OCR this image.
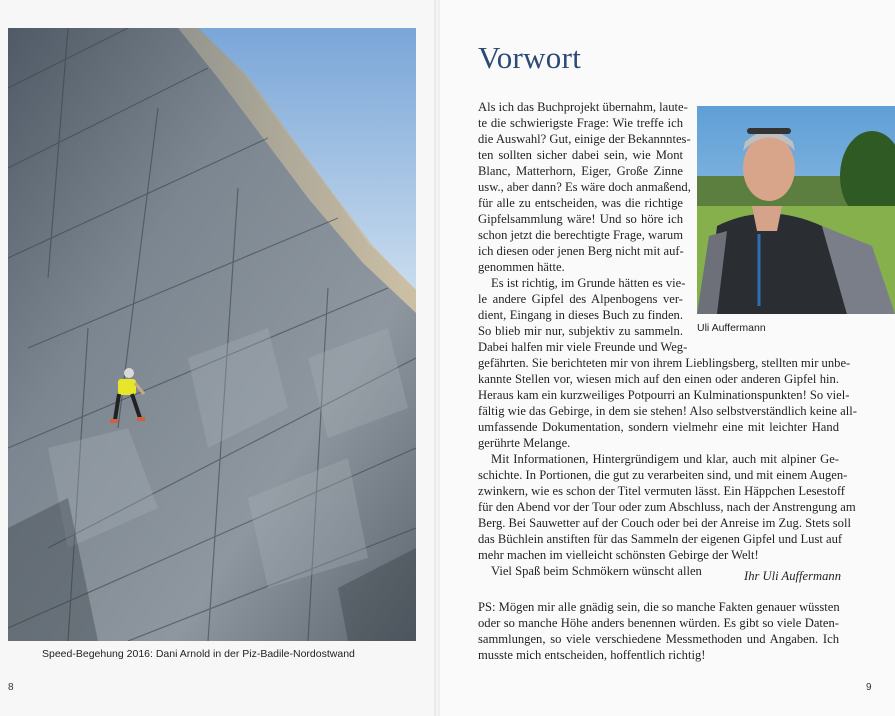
Speed-Begehung 2016: Dani Arnold in der Piz-Badile-Nordostwand
8
Vorwort
Uli Auffermann
Als ich das Buchprojekt übernahm, laute-
te die schwierigste Frage: Wie treffe ich
die Auswahl? Gut, einige der Bekannntes-
ten sollten sicher dabei sein, wie Mont
Blanc, Matterhorn, Eiger, Große Zinne
usw., aber dann? Es wäre doch anmaßend,
für alle zu entscheiden, was die richtige
Gipfelsammlung wäre! Und so höre ich
schon jetzt die berechtigte Frage, warum
ich diesen oder jenen Berg nicht mit auf-
genommen hätte.
Es ist richtig, im Grunde hätten es vie-
le andere Gipfel des Alpenbogens ver-
dient, Eingang in dieses Buch zu finden.
So blieb mir nur, subjektiv zu sammeln.
Dabei halfen mir viele Freunde und Weg-
gefährten. Sie berichteten mir von ihrem Lieblingsberg, stellten mir unbe-
kannte Stellen vor, wiesen mich auf den einen oder anderen Gipfel hin.
Heraus kam ein kurzweiliges Potpourri an Kulminationspunkten! So viel-
fältig wie das Gebirge, in dem sie stehen! Also selbstverständlich keine all-
umfassende Dokumentation, sondern vielmehr eine mit leichter Hand
gerührte Melange.
Mit Informationen, Hintergründigem und klar, auch mit alpiner Ge-
schichte. In Portionen, die gut zu verarbeiten sind, und mit einem Augen-
zwinkern, wie es schon der Titel vermuten lässt. Ein Häppchen Lesestoff
für den Abend vor der Tour oder zum Abschluss, nach der Anstrengung am
Berg. Bei Sauwetter auf der Couch oder bei der Anreise im Zug. Stets soll
das Büchlein anstiften für das Sammeln der eigenen Gipfel und Lust auf
mehr machen im vielleicht schönsten Gebirge der Welt!
Viel Spaß beim Schmökern wünscht allen	Ihr Uli Auffermann
PS: Mögen mir alle gnädig sein, die so manche Fakten genauer wüssten
oder so manche Höhe anders benennen würden. Es gibt so viele Daten-
sammlungen, so viele verschiedene Messmethoden und Angaben. Ich
musste mich entscheiden, hoffentlich richtig!
9
